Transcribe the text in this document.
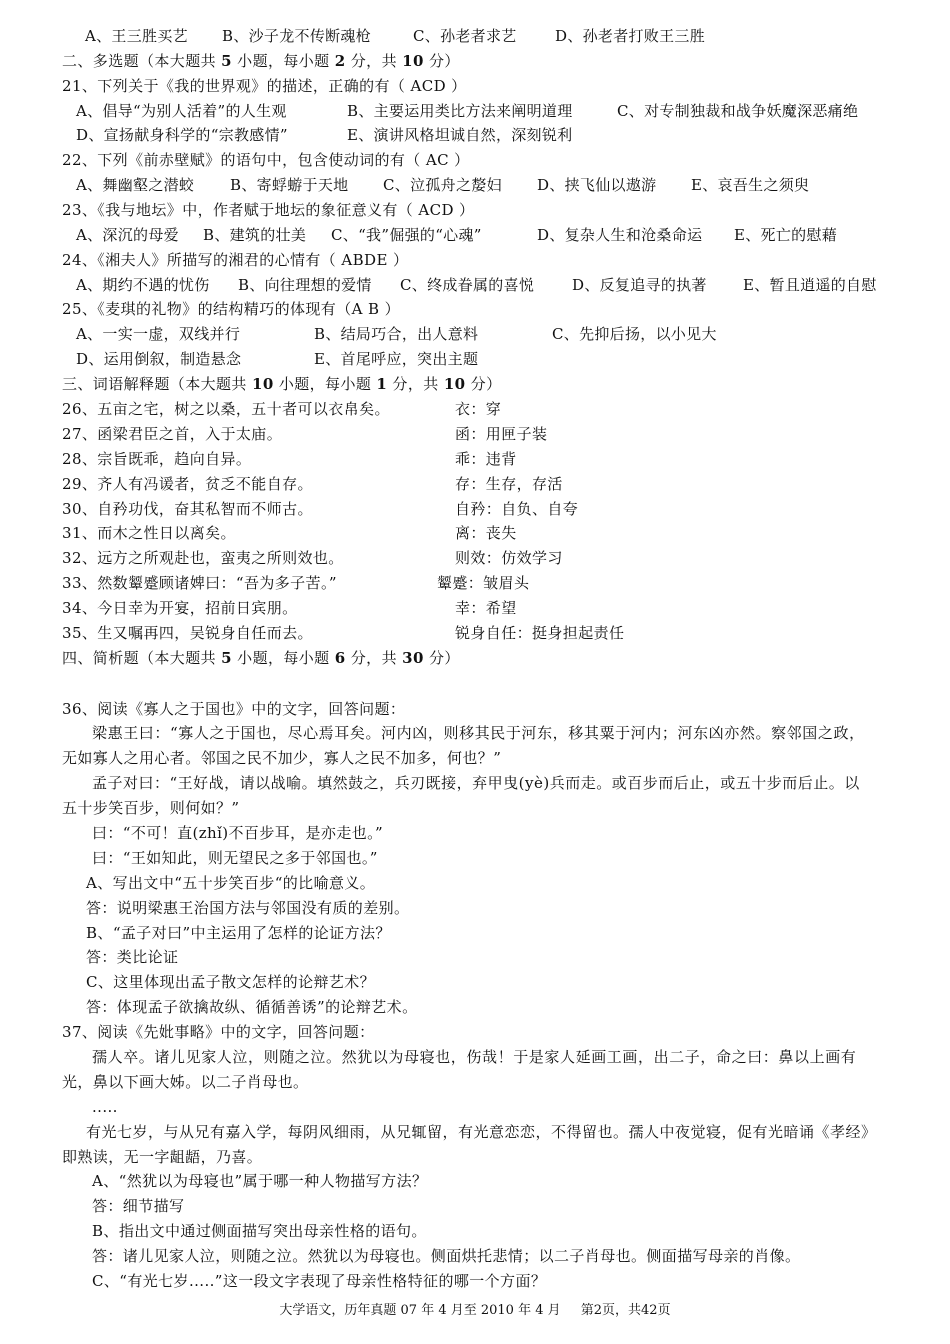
A、王三胜买艺 B、沙子龙不传断魂枪	C、孙老者求艺	D、孙老者打败王三胜
二、多选题（本大题共 5 小题，每小题 2 分，共 10 分）
21、下列关于《我的世界观》的描述，正确的有（ ACD ）
A、倡导“为别人活着”的人生观	B、主要运用类比方法来阐明道理	C、对专制独裁和战争妖魔深恶痛绝
D、宣扬献身科学的“宗教感情”	E、演讲风格坦诚自然，深刻锐利
22、下列《前赤壁赋》的语句中，包含使动词的有（ AC ）
A、舞幽壑之潜蛟 B、寄蜉蝣于天地 C、泣孤舟之嫠妇 D、挟飞仙以遨游 E、哀吾生之须臾
23、《我与地坛》中，作者赋于地坛的象征意义有（ ACD ）
A、深沉的母爱 B、建筑的壮美 C、“我”倔强的“心魂”	D、复杂人生和沧桑命运 E、死亡的慰藉
24、《湘夫人》所描写的湘君的心情有（ ABDE ）
A、期约不遇的忧伤 B、向往理想的爱情 C、终成眷属的喜悦	D、反复追寻的执著 E、暂且逍遥的自慰
25、《麦琪的礼物》的结构精巧的体现有（A B ）
A、一实一虚，双线并行	B、结局巧合，出人意料	C、先抑后扬，以小见大
D、运用倒叙，制造悬念	E、首尾呼应，突出主题
三、词语解释题（本大题共 10 小题，每小题 1 分，共 10 分）
26、五亩之宅，树之以桑，五十者可以衣帛矣。	衣：穿
27、函梁君臣之首，入于太庙。	函：用匣子装
28、宗旨既乖，趋向自异。	乖：违背
29、齐人有冯谖者，贫乏不能自存。	存：生存，存活
30、自矜功伐，奋其私智而不师古。	自矜：自负、自夸
31、而木之性日以离矣。	离：丧失
32、远方之所观赴也，蛮夷之所则效也。	则效：仿效学习
33、然数颦蹙顾诸婢曰：“吾为多子苦。”	颦蹙：皱眉头
34、今日幸为开宴，招前日宾朋。	幸：希望
35、生又嘱再四，吴锐身自任而去。	锐身自任：挺身担起责任
四、简析题（本大题共 5 小题，每小题 6 分，共 30 分）
36、阅读《寡人之于国也》中的文字，回答问题：
梁惠王曰：“寡人之于国也，尽心焉耳矣。河内凶，则移其民于河东，移其粟于河内；河东凶亦然。察邻国之政，
无如寡人之用心者。邻国之民不加少，寡人之民不加多，何也？”
孟子对曰：“王好战，请以战喻。填然鼓之，兵刃既接，弃甲曳(yè)兵而走。或百步而后止，或五十步而后止。以
五十步笑百步，则何如？”
曰：“不可！直(zhǐ)不百步耳，是亦走也。”
曰：“王如知此，则无望民之多于邻国也。”
A、写出文中“五十步笑百步“的比喻意义。
答：说明梁惠王治国方法与邻国没有质的差别。
B、“孟子对曰”中主运用了怎样的论证方法？
答：类比论证
C、这里体现出孟子散文怎样的论辩艺术？
答：体现孟子欲擒故纵、循循善诱”的论辩艺术。
37、阅读《先妣事略》中的文字，回答问题：
孺人卒。诸儿见家人泣，则随之泣。然犹以为母寝也，伤哉！于是家人延画工画，出二子，命之曰：鼻以上画有
光，鼻以下画大姊。以二子肖母也。
.....
有光七岁，与从兄有嘉入学，每阴风细雨，从兄辄留，有光意恋恋，不得留也。孺人中夜觉寝，促有光暗诵《孝经》
即熟读，无一字龃龉，乃喜。
A、“然犹以为母寝也”属于哪一种人物描写方法？
答：细节描写
B、指出文中通过侧面描写突出母亲性格的语句。
答：诸儿见家人泣，则随之泣。然犹以为母寝也。侧面烘托悲情；以二子肖母也。侧面描写母亲的肖像。
C、“有光七岁.....”这一段文字表现了母亲性格特征的哪一个方面？
大学语文，历年真题 07 年 4 月至 2010 年 4 月 第2页，共42页
